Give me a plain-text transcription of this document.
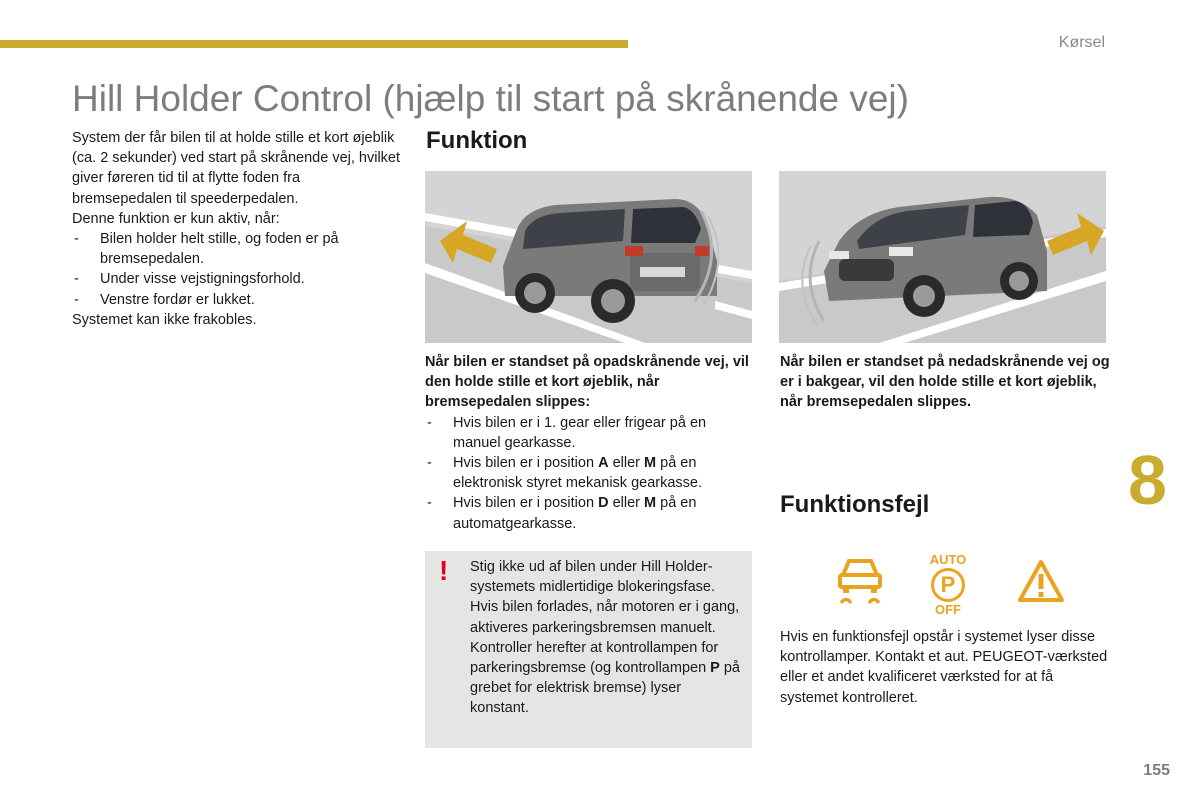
Kørsel
Hill Holder Control (hjælp til start på skrånende vej)

System der får bilen til at holde stille et kort øjeblik (ca. 2 sekunder) ved start på skrånende vej, hvilket giver føreren tid til at flytte foden fra bremsepedalen til speederpedalen.

Denne funktion er kun aktiv, når:

- Bilen holder helt stille, og foden er på bremsepedalen.
- Under visse vejstigningsforhold.
- Venstre fordør er lukket.

Systemet kan ikke frakobles.

Funktion

Når bilen er standset på opadskrånende vej, vil den holde stille et kort øjeblik, når bremsepedalen slippes:

- Hvis bilen er i 1. gear eller frigear på en manuel gearkasse.
- Hvis bilen er i position A eller M på en elektronisk styret mekanisk gearkasse.
- Hvis bilen er i position D eller M på en automatgearkasse.

Når bilen er standset på nedadskrånende vej og er i bakgear, vil den holde stille et kort øjeblik, når bremsepedalen slippes.

! Stig ikke ud af bilen under Hill Holder-systemets midlertidige blokeringsfase.

Hvis bilen forlades, når motoren er i gang, aktiveres parkeringsbremsen manuelt. Kontroller herefter at kontrollampen for parkeringsbremse (og kontrollampen P på grebet for elektrisk bremse) lyser konstant.

8
Funktionsfejl
AUTO
P
OFF

Hvis en funktionsfejl opstår i systemet lyser disse kontrollamper. Kontakt et aut. PEUGEOT-værksted eller et andet kvalificeret værksted for at få systemet kontrolleret.

155
